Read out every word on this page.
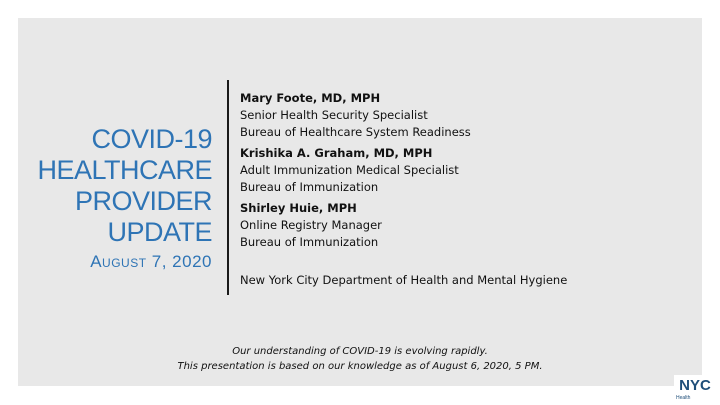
COVID-19
HEALTHCARE
PROVIDER
UPDATE
August 7, 2020
Mary Foote, MD, MPH
Senior Health Security Specialist
Bureau of Healthcare System Readiness
Krishika A. Graham, MD, MPH
Adult Immunization Medical Specialist
Bureau of Immunization
Shirley Huie, MPH
Online Registry Manager
Bureau of Immunization
New York City Department of Health and Mental Hygiene
Our understanding of COVID-19 is evolving rapidly.
This presentation is based on our knowledge as of August 6, 2020, 5 PM.
NYC
Health
